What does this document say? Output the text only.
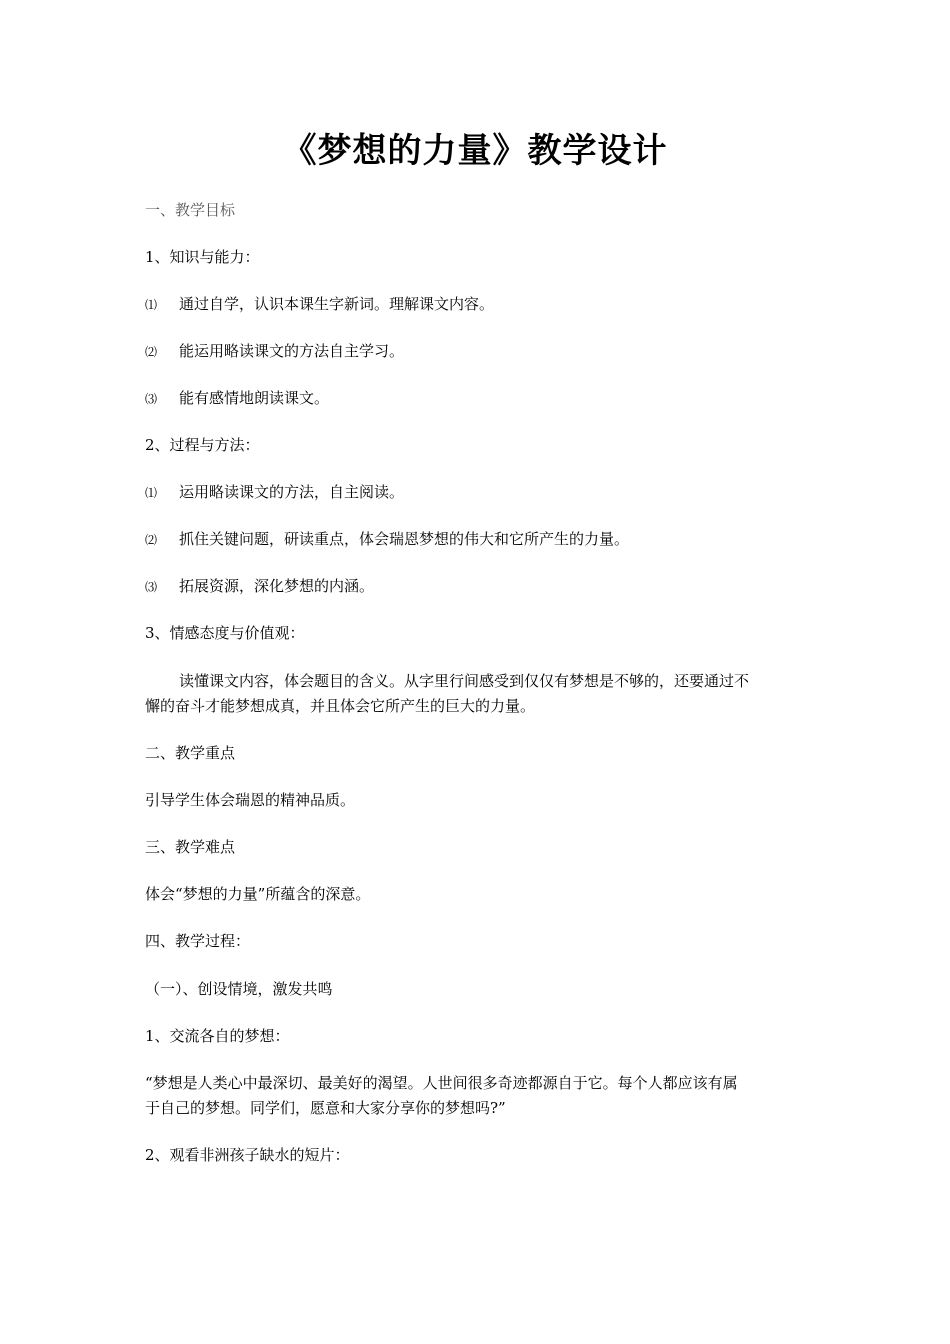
《梦想的力量》教学设计
一、教学目标
1、知识与能力：
⑴ 通过自学，认识本课生字新词。理解课文内容。
⑵ 能运用略读课文的方法自主学习。
⑶ 能有感情地朗读课文。
2、过程与方法：
⑴ 运用略读课文的方法，自主阅读。
⑵ 抓住关键问题，研读重点，体会瑞恩梦想的伟大和它所产生的力量。
⑶ 拓展资源，深化梦想的内涵。
3、情感态度与价值观：
读懂课文内容，体会题目的含义。从字里行间感受到仅仅有梦想是不够的，还要通过不
懈的奋斗才能梦想成真，并且体会它所产生的巨大的力量。
二、教学重点
引导学生体会瑞恩的精神品质。
三、教学难点
体会“梦想的力量”所蕴含的深意。
四、教学过程：
（一）、创设情境，激发共鸣
1、交流各自的梦想：
“梦想是人类心中最深切、最美好的渴望。人世间很多奇迹都源自于它。每个人都应该有属
于自己的梦想。同学们，愿意和大家分享你的梦想吗?”
2、观看非洲孩子缺水的短片：
